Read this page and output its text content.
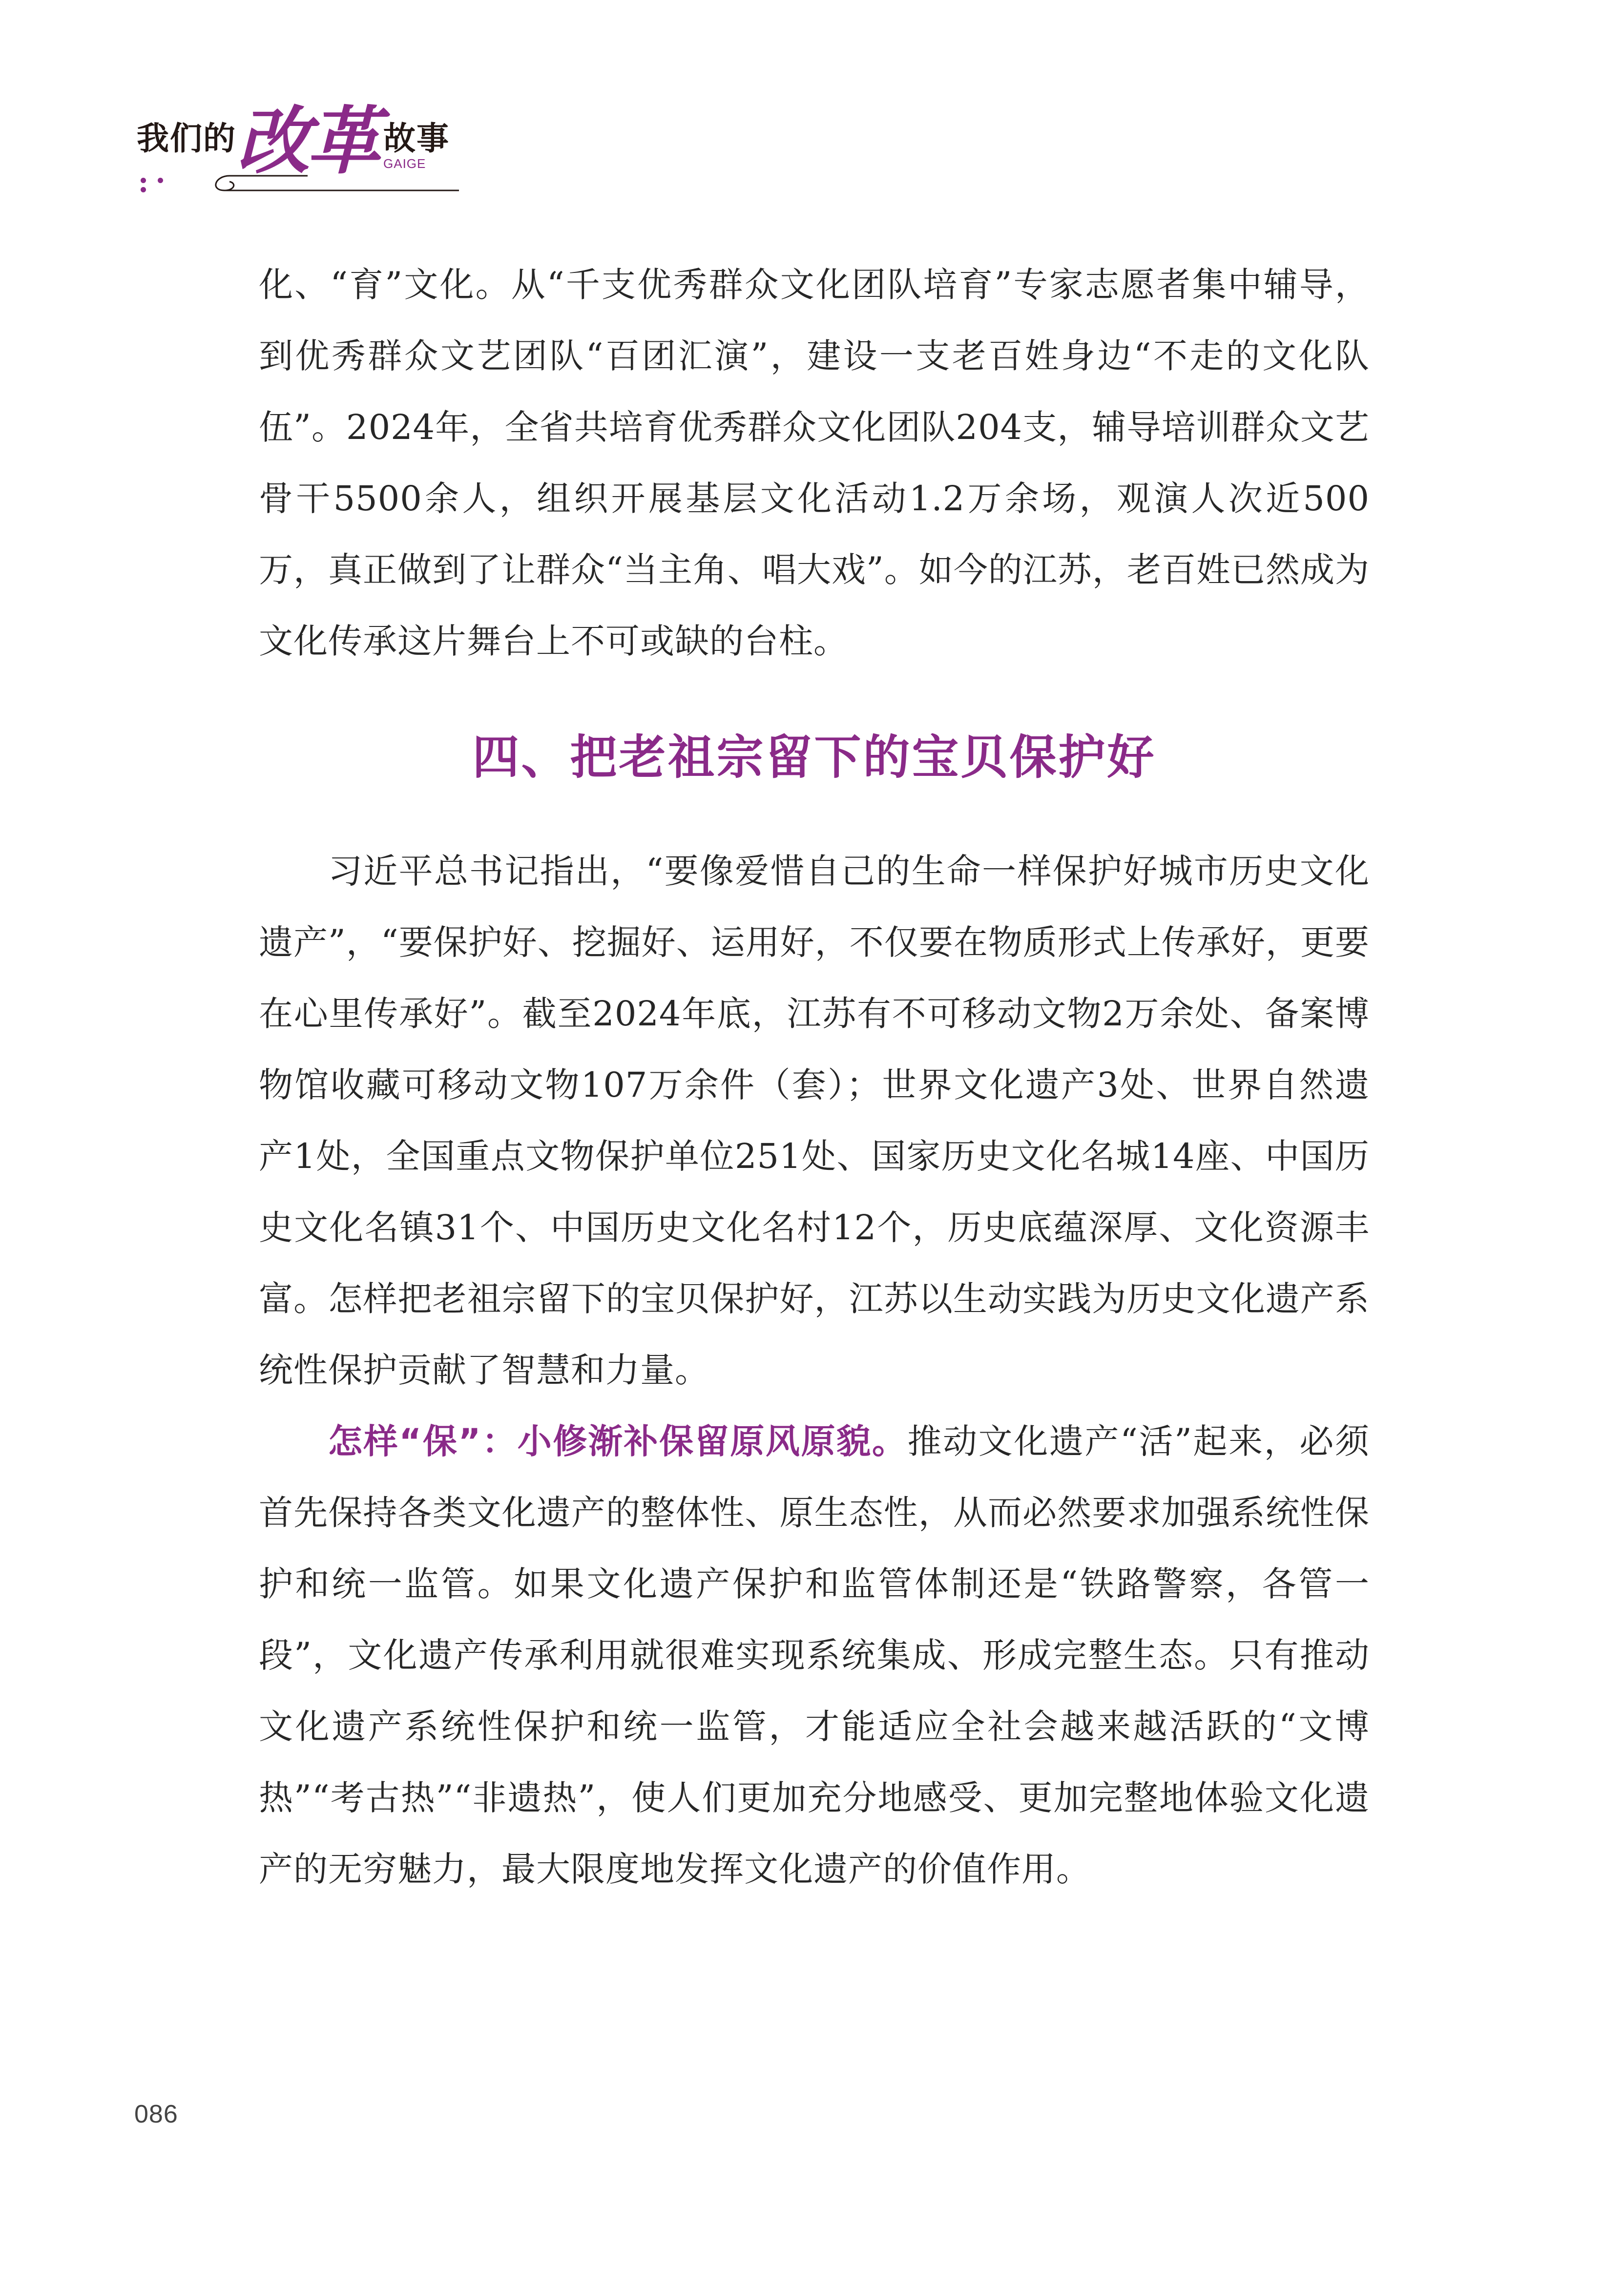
我们的 改革 故事
GAIGE

化、“育”文化。从“千支优秀群众文化团队培育”专家志愿者集中辅导，到优秀群众文艺团队“百团汇演”，建设一支老百姓身边“不走的文化队伍”。2024年，全省共培育优秀群众文化团队204支，辅导培训群众文艺骨干5500余人，组织开展基层文化活动1.2万余场，观演人次近500万，真正做到了让群众“当主角、唱大戏”。如今的江苏，老百姓已然成为文化传承这片舞台上不可或缺的台柱。

四、把老祖宗留下的宝贝保护好

习近平总书记指出，“要像爱惜自己的生命一样保护好城市历史文化遗产”，“要保护好、挖掘好、运用好，不仅要在物质形式上传承好，更要在心里传承好”。截至2024年底，江苏有不可移动文物2万余处、备案博物馆收藏可移动文物107万余件（套）；世界文化遗产3处、世界自然遗产1处，全国重点文物保护单位251处、国家历史文化名城14座、中国历史文化名镇31个、中国历史文化名村12个，历史底蕴深厚、文化资源丰富。怎样把老祖宗留下的宝贝保护好，江苏以生动实践为历史文化遗产系统性保护贡献了智慧和力量。

怎样“保”：小修渐补保留原风原貌。推动文化遗产“活”起来，必须首先保持各类文化遗产的整体性、原生态性，从而必然要求加强系统性保护和统一监管。如果文化遗产保护和监管体制还是“铁路警察，各管一段”，文化遗产传承利用就很难实现系统集成、形成完整生态。只有推动文化遗产系统性保护和统一监管，才能适应全社会越来越活跃的“文博热”“考古热”“非遗热”，使人们更加充分地感受、更加完整地体验文化遗产的无穷魅力，最大限度地发挥文化遗产的价值作用。

086
